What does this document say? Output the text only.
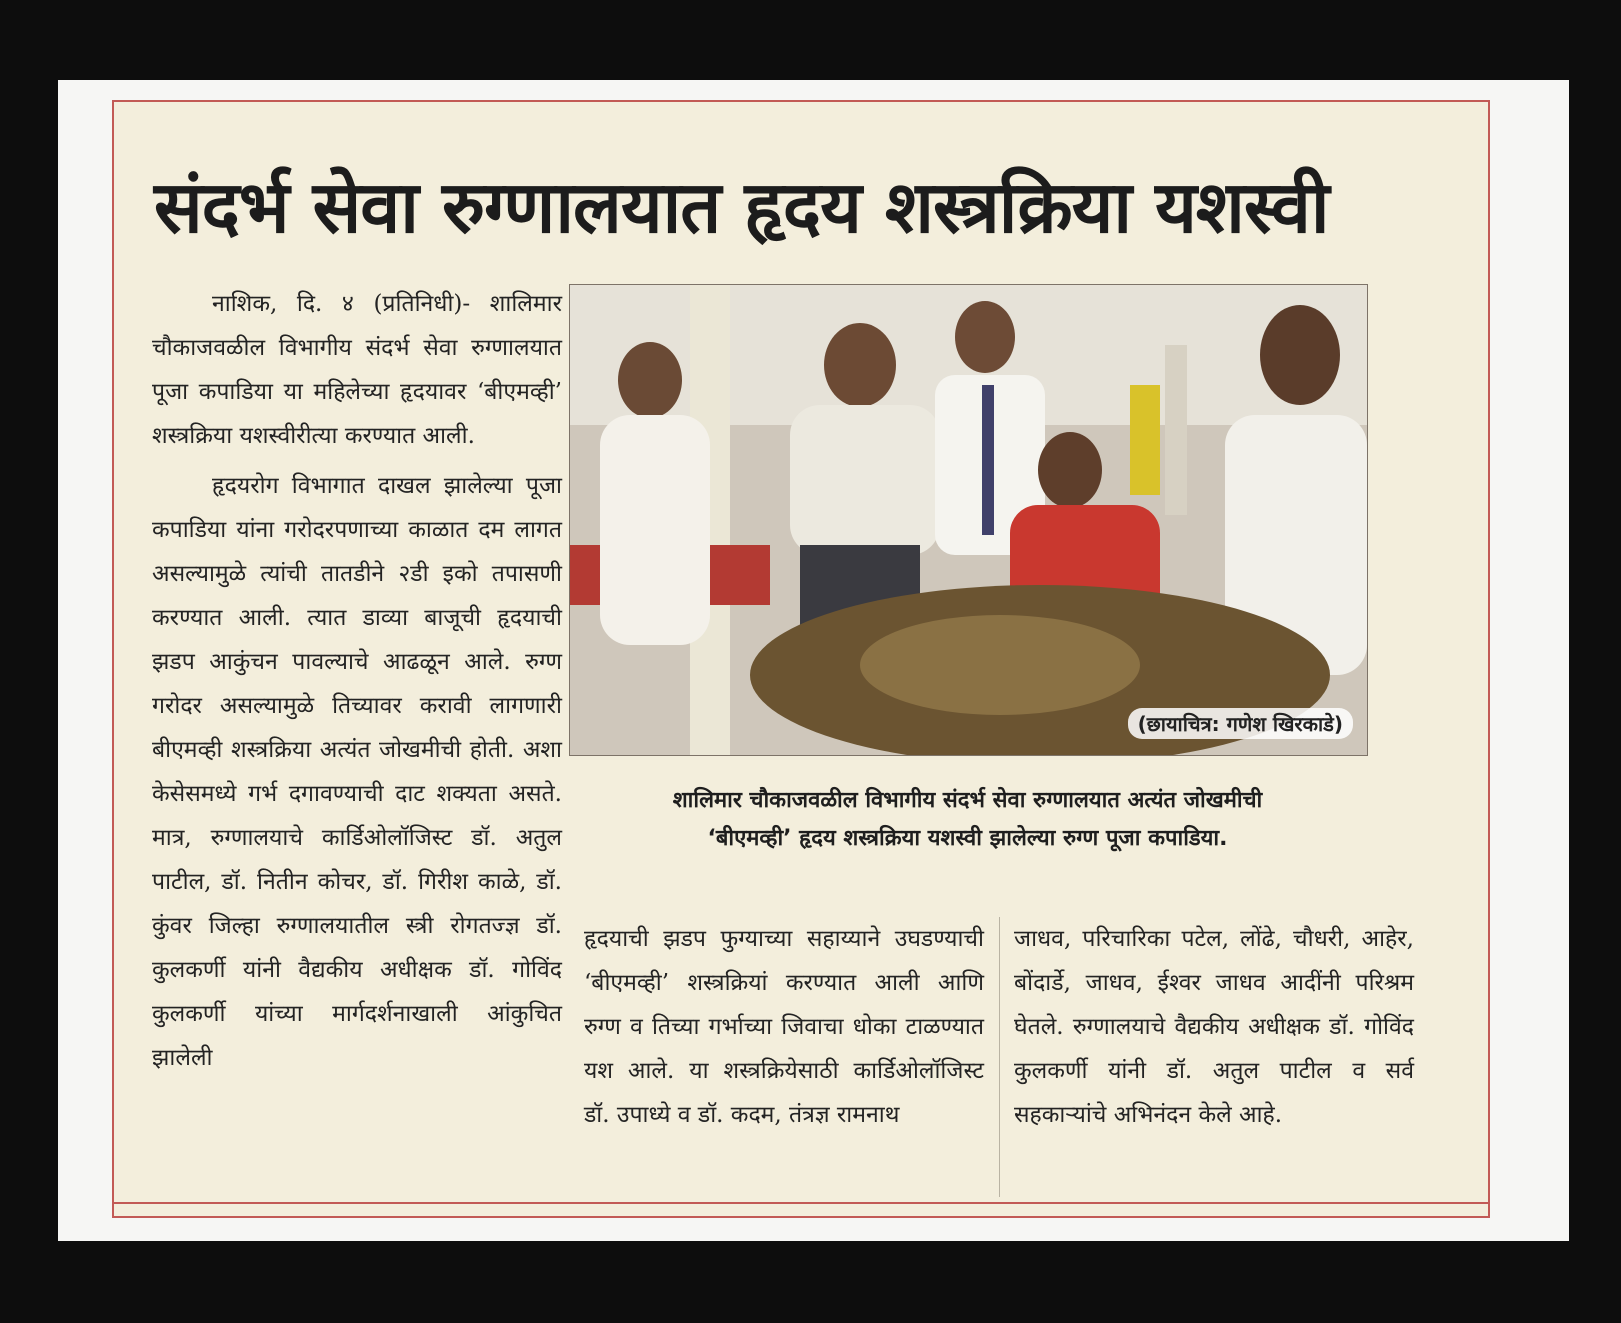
संदर्भ सेवा रुग्णालयात हृदय शस्त्रक्रिया यशस्वी

नाशिक, दि. ४ (प्रतिनिधी)- शालिमार चौकाजवळील विभागीय संदर्भ सेवा रुग्णालयात पूजा कपाडिया या महिलेच्या हृदयावर ‘बीएमव्ही’ शस्त्रक्रिया यशस्वीरीत्या करण्यात आली.

हृदयरोग विभागात दाखल झालेल्या पूजा कपाडिया यांना गरोदरपणाच्या काळात दम लागत असल्यामुळे त्यांची तातडीने २डी इको तपासणी करण्यात आली. त्यात डाव्या बाजूची हृदयाची झडप आकुंचन पावल्याचे आढळून आले. रुग्ण गरोदर असल्यामुळे तिच्यावर करावी लागणारी बीएमव्ही शस्त्रक्रिया अत्यंत जोखमीची होती. अशा केसेसमध्ये गर्भ दगावण्याची दाट शक्यता असते. मात्र, रुग्णालयाचे कार्डिओलॉजिस्ट डॉ. अतुल पाटील, डॉ. नितीन कोचर, डॉ. गिरीश काळे, डॉ. कुंवर जिल्हा रुग्णालयातील स्त्री रोगतज्ज्ञ डॉ. कुलकर्णी यांनी वैद्यकीय अधीक्षक डॉ. गोविंद कुलकर्णी यांच्या मार्गदर्शनाखाली आंकुचित झालेली

(छायाचित्र: गणेश खिरकाडे)
शालिमार चौकाजवळील विभागीय संदर्भ सेवा रुग्णालयात अत्यंत जोखमीची
‘बीएमव्ही’ हृदय शस्त्रक्रिया यशस्वी झालेल्या रुग्ण पूजा कपाडिया.

हृदयाची झडप फुग्याच्या सहाय्याने उघडण्याची ‘बीएमव्ही’ शस्त्रक्रियां करण्यात आली आणि रुग्ण व तिच्या गर्भाच्या जिवाचा धोका टाळण्यात यश आले. या शस्त्रक्रियेसाठी कार्डिओलॉजिस्ट डॉ. उपाध्ये व डॉ. कदम, तंत्रज्ञ रामनाथ

जाधव, परिचारिका पटेल, लोंढे, चौधरी, आहेर, बोंदार्डे, जाधव, ईश्वर जाधव आदींनी परिश्रम घेतले. रुग्णालयाचे वैद्यकीय अधीक्षक डॉ. गोविंद कुलकर्णी यांनी डॉ. अतुल पाटील व सर्व सहकाऱ्यांचे अभिनंदन केले आहे.
